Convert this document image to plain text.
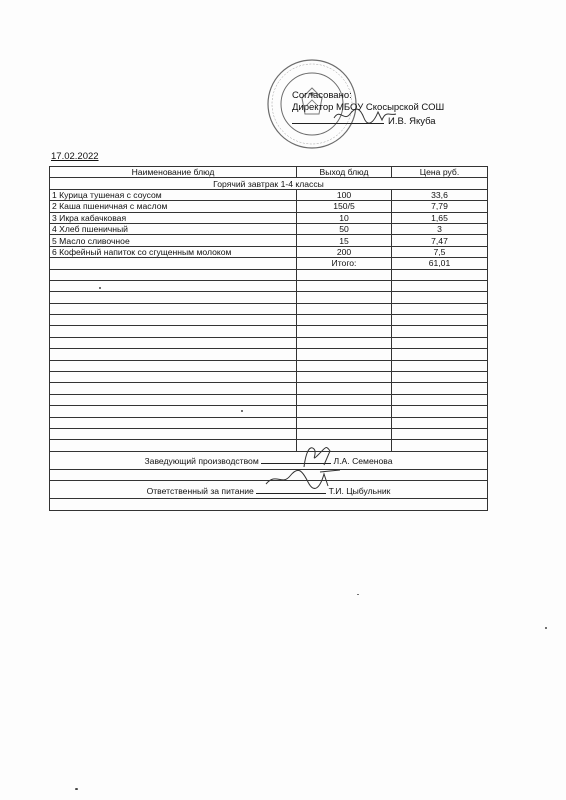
Согласовано:
Директор МБОУ Скосырской СОШ
И.В. Якуба
17.02.2022
Наименование блюд	Выход блюд	Цена руб.
Горячий завтрак 1-4 классы		
1 Курица тушеная с соусом	100	33,6
2 Каша пшеничная с маслом	150/5	7,79
3 Икра кабачковая	10	1,65
4 Хлеб пшеничный	50	3
5 Масло сливочное	15	7,47
6 Кофейный напиток со сгущенным молоком	200	7,5
	Итого:	61,01

Заведующий производством Л.А. Семенова		

Ответственный за питание Т.И. Цыбульник		
